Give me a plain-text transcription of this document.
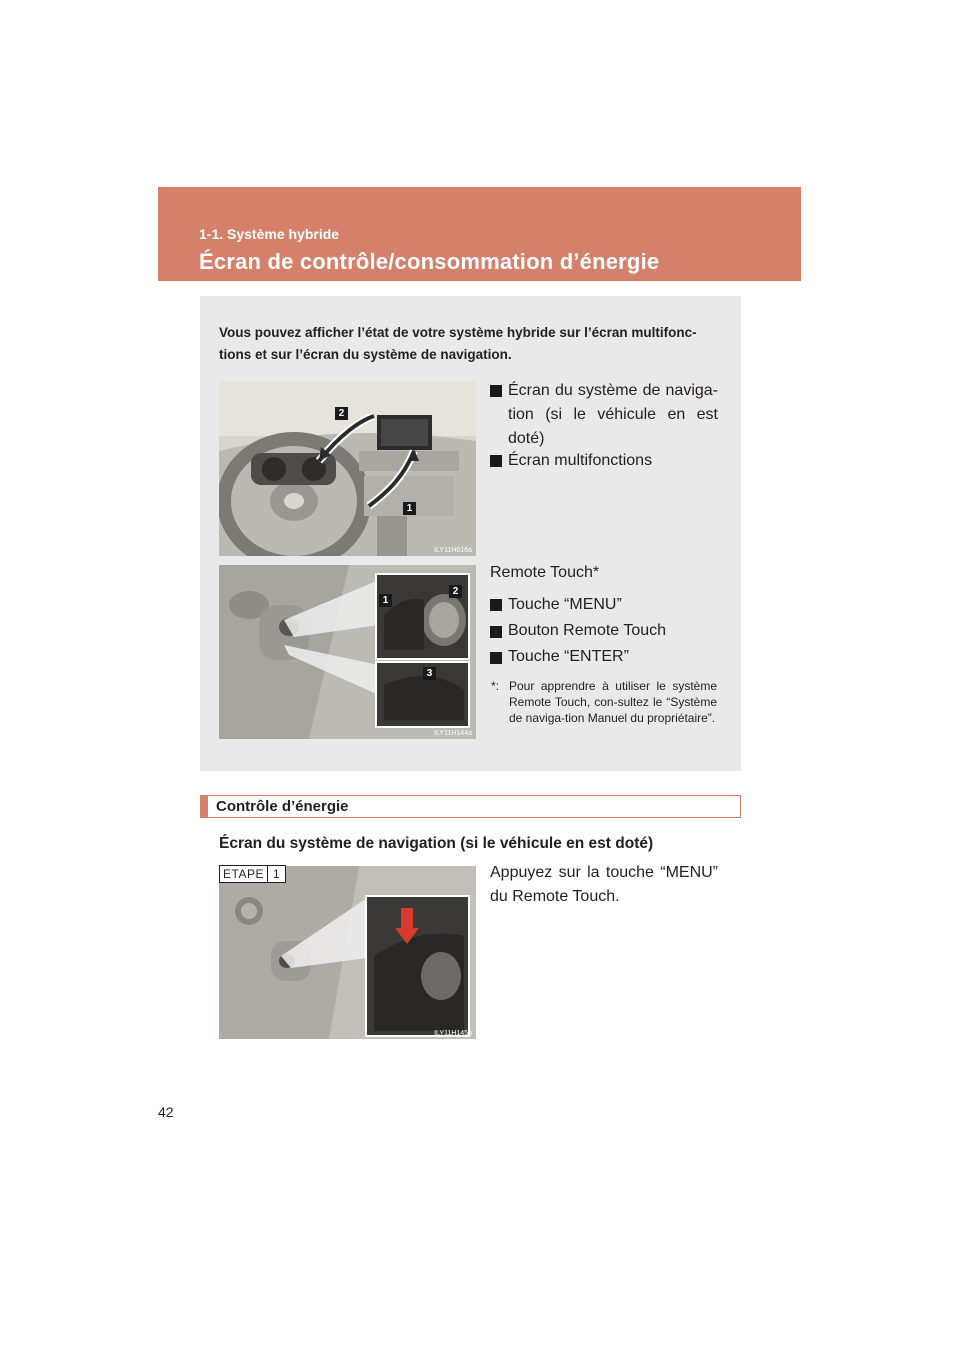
1-1. Système hybride
Écran de contrôle/consommation d’énergie
Vous pouvez afficher l’état de votre système hybride sur l’écran multifonc-tions et sur l’écran du système de navigation.
2
1
ILY11H016a
Écran du système de naviga-tion (si le véhicule en est doté)
Écran multifonctions
1
2
3
ILY11H144a
Remote Touch*
Touche “MENU”
Bouton Remote Touch
Touche “ENTER”
*: Pour apprendre à utiliser le système Remote Touch, con-sultez le “Système de naviga-tion Manuel du propriétaire”.
Contrôle d’énergie
Écran du système de navigation (si le véhicule en est doté)
ILY11H145a
ETAPE 1	Appuyez sur la touche “MENU” du Remote Touch.
42
